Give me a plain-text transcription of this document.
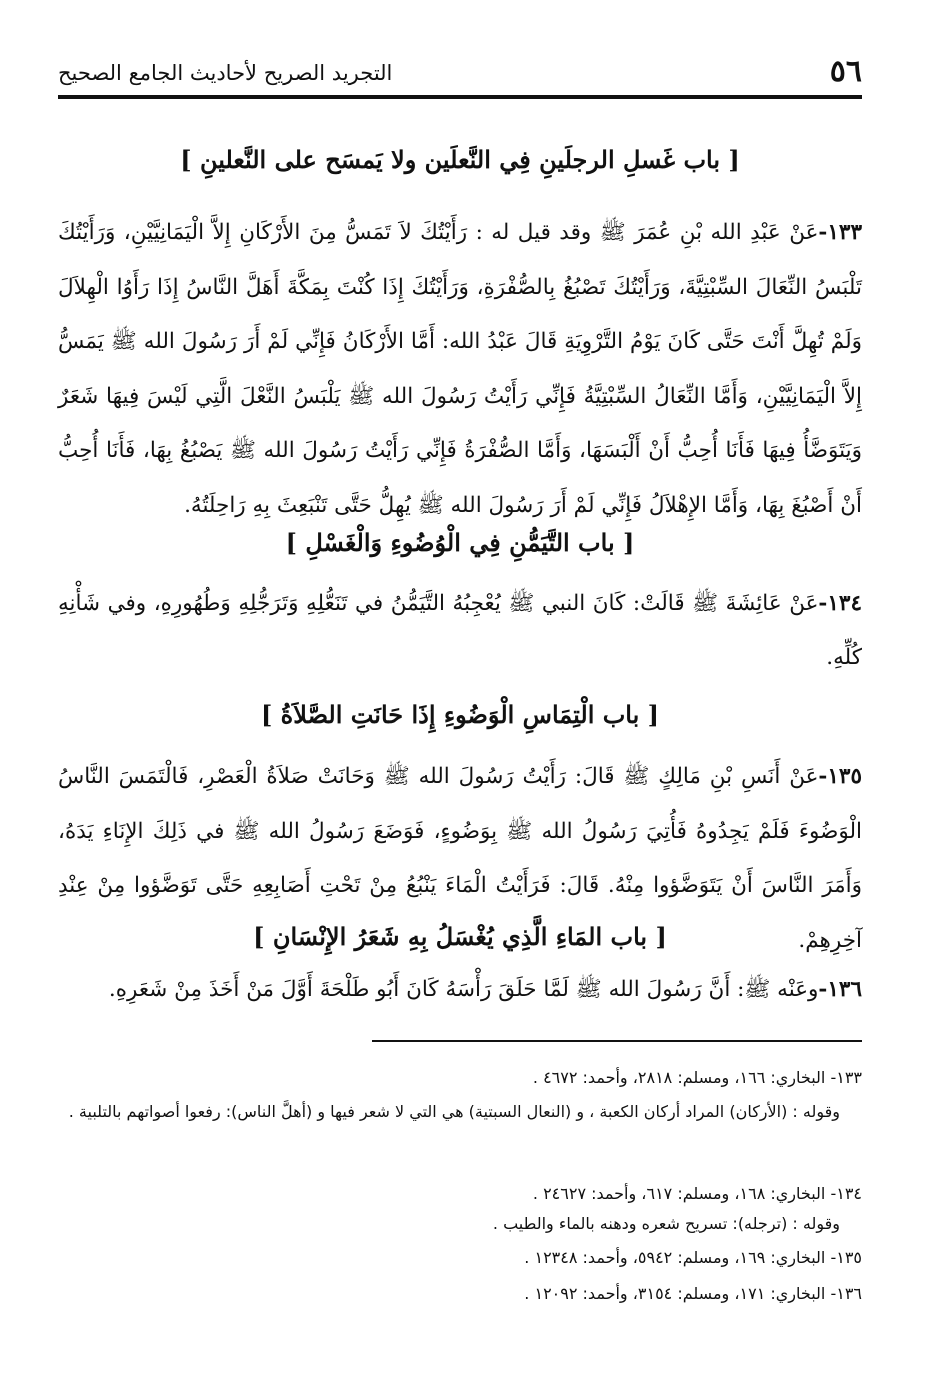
٥٦
التجريد الصريح لأحاديث الجامع الصحيح
[ باب غَسلِ الرجلَينِ فِي النَّعلَين ولا يَمسَح على النَّعلينِ ]
١٣٣-عَنْ عَبْدِ الله بْنِ عُمَرَ ﷺ وقد قيل له : رَأَيْتُكَ لاَ تَمَسُّ مِنَ الأَرْكَانِ إِلاَّ الْيَمَانِيَّيْنِ، وَرَأَيْتُكَ تَلْبَسُ النِّعَالَ السِّبْتِيَّةَ، وَرَأَيْتُكَ تَصْبُغُ بِالصُّفْرَةِ، وَرَأَيْتُكَ إِذَا كُنْتَ بِمَكَّةَ أَهَلَّ النَّاسُ إِذَا رَأَوُا الْهِلاَلَ وَلَمْ تُهِلَّ أَنْتَ حَتَّى كَانَ يَوْمُ التَّرْوِيَةِ قَالَ عَبْدُ الله: أَمَّا الأَرْكَانُ فَإِنِّي لَمْ أَرَ رَسُولَ الله ﷺ يَمَسُّ إِلاَّ الْيَمَانِيَّيْنِ، وَأَمَّا النِّعَالُ السِّبْتِيَّةُ فَإِنِّي رَأَيْتُ رَسُولَ الله ﷺ يَلْبَسُ النَّعْلَ الَّتِي لَيْسَ فِيهَا شَعَرٌ وَيَتَوَضَّأُ فِيهَا فَأَنَا أُحِبُّ أَنْ أَلْبَسَهَا، وَأَمَّا الصُّفْرَةُ فَإِنِّي رَأَيْتُ رَسُولَ الله ﷺ يَصْبُغُ بِهَا، فَأَنَا أُحِبُّ أَنْ أَصْبُغَ بِهَا، وَأَمَّا الإِهْلاَلُ فَإِنِّي لَمْ أَرَ رَسُولَ الله ﷺ يُهِلُّ حَتَّى تَنْبَعِثَ بِهِ رَاحِلَتُهُ.
[ باب التَّيَمُّنِ فِي الْوُضُوءِ وَالْغَسْلِ ]
١٣٤-عَنْ عَائِشَةَ ﷺ قَالَتْ: كَانَ النبي ﷺ يُعْجِبُهُ التَّيَمُّنُ في تَنَعُّلِهِ وَتَرَجُّلِهِ وَطُهُورِهِ، وفي شَأْنِهِ كُلِّهِ.
[ باب الْتِمَاسِ الْوَضُوءِ إِذَا حَانَتِ الصَّلاَةُ ]
١٣٥-عَنْ أَنَسِ بْنِ مَالِكٍ ﷺ قَالَ: رَأَيْتُ رَسُولَ الله ﷺ وَحَانَتْ صَلاَةُ الْعَصْرِ، فَالْتَمَسَ النَّاسُ الْوَضُوءَ فَلَمْ يَجِدُوهُ فَأُتِيَ رَسُولُ الله ﷺ بِوَضُوءٍ، فَوَضَعَ رَسُولُ الله ﷺ في ذَلِكَ الإِنَاءِ يَدَهُ، وَأَمَرَ النَّاسَ أَنْ يَتَوَضَّؤوا مِنْهُ. قَالَ: فَرَأَيْتُ الْمَاءَ يَنْبُعُ مِنْ تَحْتِ أَصَابِعِهِ حَتَّى تَوَضَّؤوا مِنْ عِنْدِ آخِرِهِمْ.
[ باب المَاءِ الَّذِي يُغْسَلُ بِهِ شَعَرُ الإِنْسَانِ ]
١٣٦-وعَنْه ﷺ: أَنَّ رَسُولَ الله ﷺ لَمَّا حَلَقَ رَأْسَهُ كَانَ أَبُو طَلْحَةَ أَوَّلَ مَنْ أَخَذَ مِنْ شَعَرِهِ.
١٣٣- البخاري: ١٦٦، ومسلم: ٢٨١٨، وأحمد: ٤٦٧٢ .
وقوله : (الأركان) المراد أركان الكعبة ، و (النعال السبتية) هي التي لا شعر فيها و (أهلَّ الناس): رفعوا أصواتهم بالتلبية .
١٣٤- البخاري: ١٦٨، ومسلم: ٦١٧، وأحمد: ٢٤٦٢٧ .
وقوله : (ترجله): تسريح شعره ودهنه بالماء والطيب .
١٣٥- البخاري: ١٦٩، ومسلم: ٥٩٤٢، وأحمد: ١٢٣٤٨ .
١٣٦- البخاري: ١٧١، ومسلم: ٣١٥٤، وأحمد: ١٢٠٩٢ .
